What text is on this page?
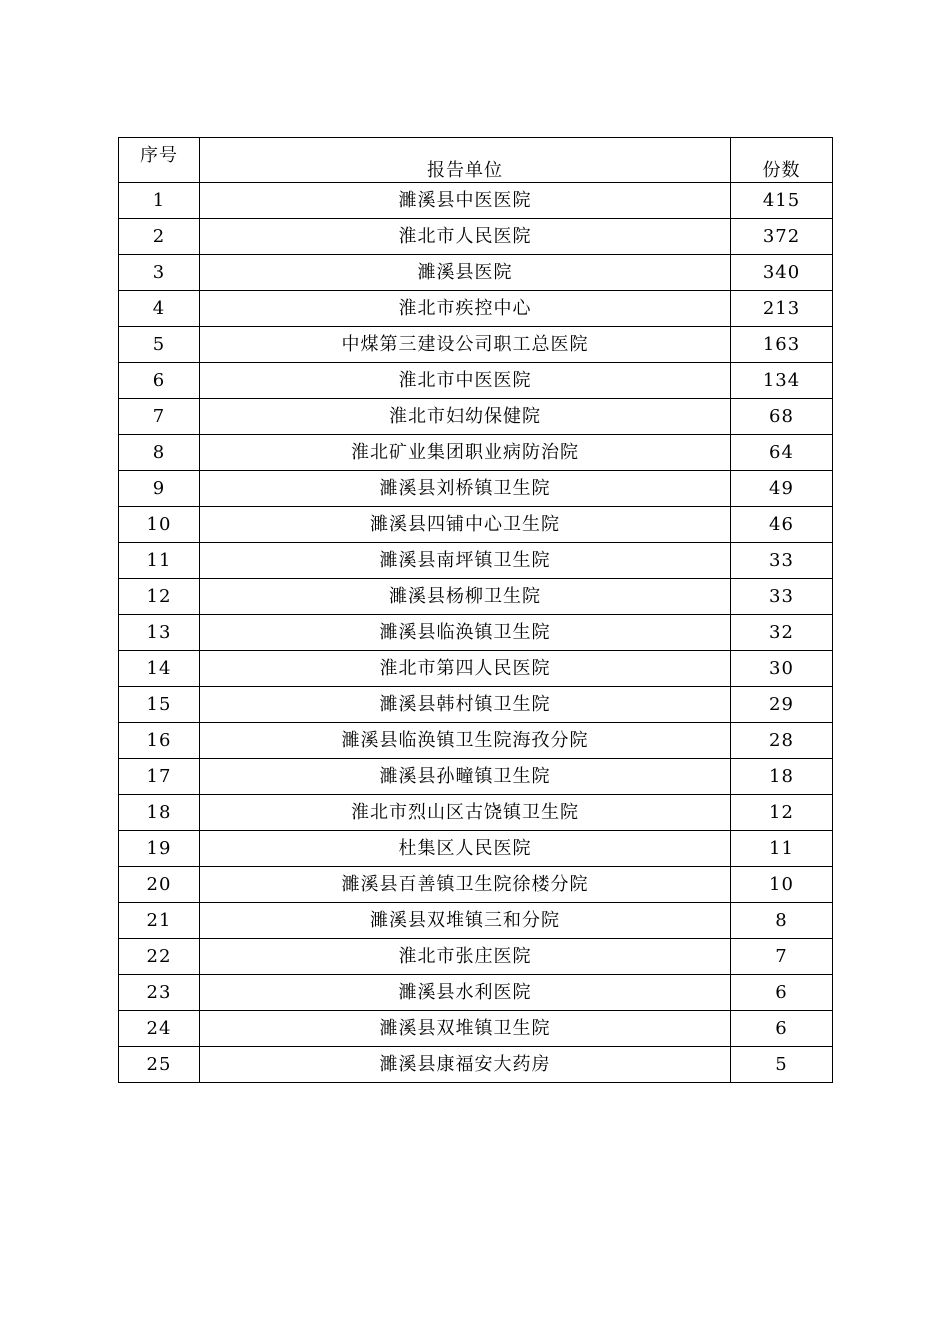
序号	报告单位	份数
1	濉溪县中医医院	415
2	淮北市人民医院	372
3	濉溪县医院	340
4	淮北市疾控中心	213
5	中煤第三建设公司职工总医院	163
6	淮北市中医医院	134
7	淮北市妇幼保健院	68
8	淮北矿业集团职业病防治院	64
9	濉溪县刘桥镇卫生院	49
10	濉溪县四铺中心卫生院	46
11	濉溪县南坪镇卫生院	33
12	濉溪县杨柳卫生院	33
13	濉溪县临涣镇卫生院	32
14	淮北市第四人民医院	30
15	濉溪县韩村镇卫生院	29
16	濉溪县临涣镇卫生院海孜分院	28
17	濉溪县孙疃镇卫生院	18
18	淮北市烈山区古饶镇卫生院	12
19	杜集区人民医院	11
20	濉溪县百善镇卫生院徐楼分院	10
21	濉溪县双堆镇三和分院	8
22	淮北市张庄医院	7
23	濉溪县水利医院	6
24	濉溪县双堆镇卫生院	6
25	濉溪县康福安大药房	5
